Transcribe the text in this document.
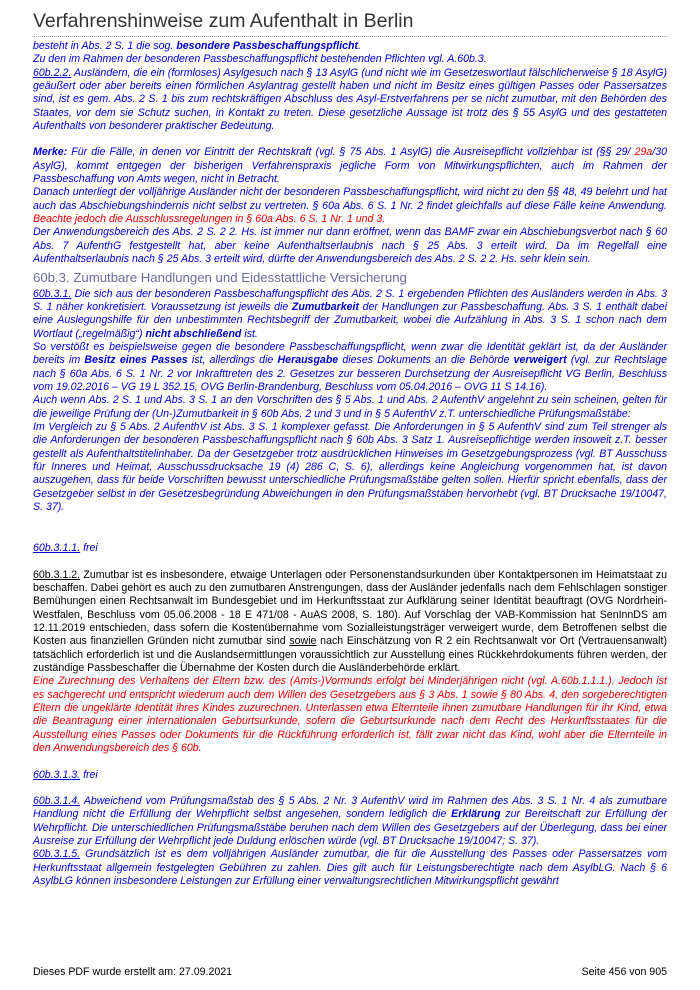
Verfahrenshinweise zum Aufenthalt in Berlin

besteht in Abs. 2 S. 1 die sog. besondere Passbeschaffungspflicht.

Zu den im Rahmen der besonderen Passbeschaffungspflicht bestehenden Pflichten vgl. A.60b.3.

60b.2.2. Ausländern, die ein (formloses) Asylgesuch nach § 13 AsylG (und nicht wie im Gesetzeswortlaut fälschlicherweise § 18 AsylG) geäußert oder aber bereits einen förmlichen Asylantrag gestellt haben und nicht im Besitz eines gültigen Passes oder Passersatzes sind, ist es gem. Abs. 2 S. 1 bis zum rechtskräftigen Abschluss des Asyl-Erstverfahrens per se nicht zumutbar, mit den Behörden des Staates, vor dem sie Schutz suchen, in Kontakt zu treten. Diese gesetzliche Aussage ist trotz des § 55 AsylG und des gestatteten Aufenthalts von besonderer praktischer Bedeutung.

Merke: Für die Fälle, in denen vor Eintritt der Rechtskraft (vgl. § 75 Abs. 1 AsylG) die Ausreisepflicht vollziehbar ist (§§ 29/ 29a/30 AsylG), kommt entgegen der bisherigen Verfahrenspraxis jegliche Form von Mitwirkungspflichten, auch im Rahmen der Passbeschaffung von Amts wegen, nicht in Betracht.

Danach unterliegt der volljährige Ausländer nicht der besonderen Passbeschaffungspflicht, wird nicht zu den §§ 48, 49 belehrt und hat auch das Abschiebungshindernis nicht selbst zu vertreten. § 60a Abs. 6 S. 1 Nr. 2 findet gleichfalls auf diese Fälle keine Anwendung. Beachte jedoch die Ausschlussregelungen in § 60a Abs. 6 S. 1 Nr. 1 und 3.

Der Anwendungsbereich des Abs. 2 S. 2 2. Hs. ist immer nur dann eröffnet, wenn das BAMF zwar ein Abschiebungsverbot nach § 60 Abs. 7 AufenthG festgestellt hat, aber keine Aufenthaltserlaubnis nach § 25 Abs. 3 erteilt wird. Da im Regelfall eine Aufenthaltserlaubnis nach § 25 Abs. 3 erteilt wird, dürfte der Anwendungsbereich des Abs. 2 S. 2 2. Hs. sehr klein sein.

60b.3. Zumutbare Handlungen und Eidesstattliche Versicherung

60b.3.1. Die sich aus der besonderen Passbeschaffungspflicht des Abs. 2 S. 1 ergebenden Pflichten des Ausländers werden in Abs. 3 S. 1 näher konkretisiert. Voraussetzung ist jeweils die Zumutbarkeit der Handlungen zur Passbeschaffung. Abs. 3 S. 1 enthält dabei eine Auslegungshilfe für den unbestimmten Rechtsbegriff der Zumutbarkeit, wobei die Aufzählung in Abs. 3 S. 1 schon nach dem Wortlaut („regelmäßig“) nicht abschließend ist.

So verstößt es beispielsweise gegen die besondere Passbeschaffungspflicht, wenn zwar die Identität geklärt ist, da der Ausländer bereits im Besitz eines Passes ist, allerdings die Herausgabe dieses Dokuments an die Behörde verweigert (vgl. zur Rechtslage nach § 60a Abs. 6 S. 1 Nr. 2 vor Inkrafttreten des 2. Gesetzes zur besseren Durchsetzung der Ausreisepflicht VG Berlin, Beschluss vom 19.02.2016 – VG 19 L 352.15, OVG Berlin-Brandenburg, Beschluss vom 05.04.2016 – OVG 11 S 14.16).

Auch wenn Abs. 2 S. 1 und Abs. 3 S. 1 an den Vorschriften des § 5 Abs. 1 und Abs. 2 AufenthV angelehnt zu sein scheinen, gelten für die jeweilige Prüfung der (Un-)Zumutbarkeit in § 60b Abs. 2 und 3 und in § 5 AufenthV z.T. unterschiedliche Prüfungsmaßstäbe:

Im Vergleich zu § 5 Abs. 2 AufenthV ist Abs. 3 S. 1 komplexer gefasst. Die Anforderungen in § 5 AufenthV sind zum Teil strenger als die Anforderungen der besonderen Passbeschaffungspflicht nach § 60b Abs. 3 Satz 1. Ausreisepflichtige werden insoweit z.T. besser gestellt als Aufenthaltstitelinhaber. Da der Gesetzgeber trotz ausdrücklichen Hinweises im Gesetzgebungsprozess (vgl. BT Ausschuss für Inneres und Heimat, Ausschussdrucksache 19 (4) 286 C, S. 6), allerdings keine Angleichung vorgenommen hat, ist davon auszugehen, dass für beide Vorschriften bewusst unterschiedliche Prüfungsmaßstäbe gelten sollen. Hierfür spricht ebenfalls, dass der Gesetzgeber selbst in der Gesetzesbegründung Abweichungen in den Prüfungsmaßstäben hervorhebt (vgl. BT Drucksache 19/10047, S. 37).

60b.3.1.1. frei

60b.3.1.2. Zumutbar ist es insbesondere, etwaige Unterlagen oder Personenstandsurkunden über Kontaktpersonen im Heimatstaat zu beschaffen. Dabei gehört es auch zu den zumutbaren Anstrengungen, dass der Ausländer jedenfalls nach dem Fehlschlagen sonstiger Bemühungen einen Rechtsanwalt im Bundesgebiet und im Herkunftsstaat zur Aufklärung seiner Identität beauftragt (OVG Nordrhein-Westfalen, Beschluss vom 05.06.2008 - 18 E 471/08 - AuAS 2008, S. 180). Auf Vorschlag der VAB-Kommission hat SenInnDS am 12.11.2019 entschieden, dass sofern die Kostenübernahme vom Sozialleistungsträger verweigert wurde, dem Betroffenen selbst die Kosten aus finanziellen Gründen nicht zumutbar sind sowie nach Einschätzung von R 2 ein Rechtsanwalt vor Ort (Vertrauensanwalt) tatsächlich erforderlich ist und die Auslandsermittlungen voraussichtlich zur Ausstellung eines Rückkehrdokuments führen werden, der zuständige Passbeschaffer die Übernahme der Kosten durch die Ausländerbehörde erklärt.

Eine Zurechnung des Verhaltens der Eltern bzw. des (Amts-)Vormunds erfolgt bei Minderjährigen nicht (vgl. A.60b.1.1.1.). Jedoch ist es sachgerecht und entspricht wiederum auch dem Willen des Gesetzgebers aus § 3 Abs. 1 sowie § 80 Abs. 4, den sorgeberechtigten Eltern die ungeklärte Identität ihres Kindes zuzurechnen. Unterlassen etwa Elternteile ihnen zumutbare Handlungen für ihr Kind, etwa die Beantragung einer internationalen Geburtsurkunde, sofern die Geburtsurkunde nach dem Recht des Herkunftsstaates für die Ausstellung eines Passes oder Dokuments für die Rückführung erforderlich ist, fällt zwar nicht das Kind, wohl aber die Elternteile in den Anwendungsbereich des § 60b.

60b.3.1.3. frei

60b.3.1.4. Abweichend vom Prüfungsmaßstab des § 5 Abs. 2 Nr. 3 AufenthV wird im Rahmen des Abs. 3 S. 1 Nr. 4 als zumutbare Handlung nicht die Erfüllung der Wehrpflicht selbst angesehen, sondern lediglich die Erklärung zur Bereitschaft zur Erfüllung der Wehrpflicht. Die unterschiedlichen Prüfungsmaßstäbe beruhen nach dem Willen des Gesetzgebers auf der Überlegung, dass bei einer Ausreise zur Erfüllung der Wehrpflicht jede Duldung erlöschen würde (vgl. BT Drucksache 19/10047; S. 37).

60b.3.1.5. Grundsätzlich ist es dem volljährigen Ausländer zumutbar, die für die Ausstellung des Passes oder Passersatzes vom Herkunftsstaat allgemein festgelegten Gebühren zu zahlen. Dies gilt auch für Leistungsberechtigte nach dem AsylbLG. Nach § 6 AsylbLG können insbesondere Leistungen zur Erfüllung einer verwaltungsrechtlichen Mitwirkungspflicht gewährt

Dieses PDF wurde erstellt am: 27.09.2021	Seite 456 von 905
